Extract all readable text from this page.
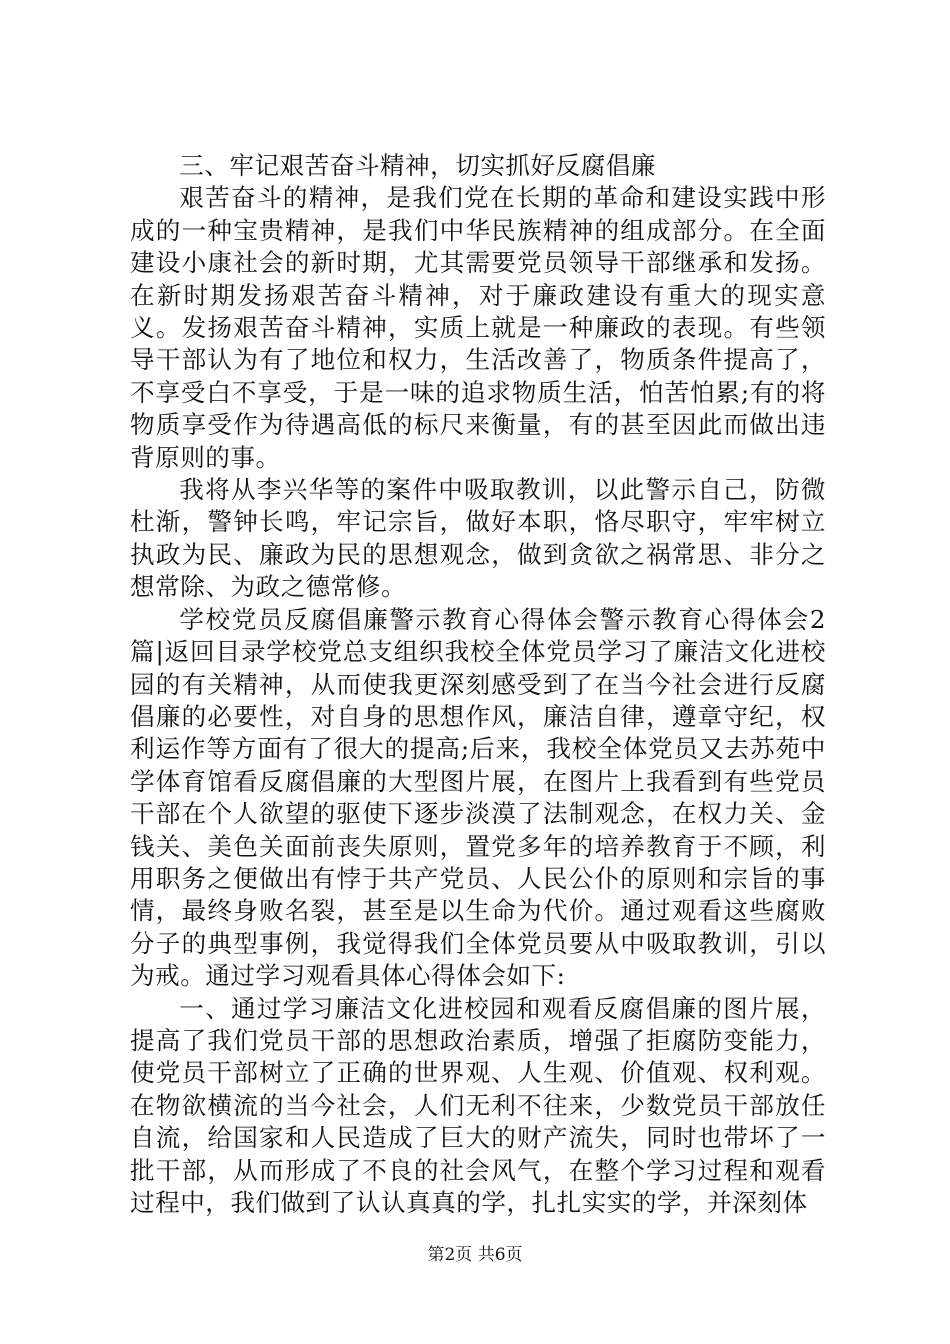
三、牢记艰苦奋斗精神，切实抓好反腐倡廉

艰苦奋斗的精神，是我们党在长期的革命和建设实践中形成的一种宝贵精神，是我们中华民族精神的组成部分。在全面建设小康社会的新时期，尤其需要党员领导干部继承和发扬。在新时期发扬艰苦奋斗精神，对于廉政建设有重大的现实意义。发扬艰苦奋斗精神，实质上就是一种廉政的表现。有些领导干部认为有了地位和权力，生活改善了，物质条件提高了，不享受白不享受，于是一味的追求物质生活，怕苦怕累;有的将物质享受作为待遇高低的标尺来衡量，有的甚至因此而做出违背原则的事。

我将从李兴华等的案件中吸取教训，以此警示自己，防微杜渐，警钟长鸣，牢记宗旨，做好本职，恪尽职守，牢牢树立执政为民、廉政为民的思想观念，做到贪欲之祸常思、非分之想常除、为政之德常修。

学校党员反腐倡廉警示教育心得体会警示教育心得体会2篇|返回目录学校党总支组织我校全体党员学习了廉洁文化进校园的有关精神，从而使我更深刻感受到了在当今社会进行反腐倡廉的必要性，对自身的思想作风，廉洁自律，遵章守纪，权利运作等方面有了很大的提高;后来，我校全体党员又去苏苑中学体育馆看反腐倡廉的大型图片展，在图片上我看到有些党员干部在个人欲望的驱使下逐步淡漠了法制观念，在权力关、金钱关、美色关面前丧失原则，置党多年的培养教育于不顾，利用职务之便做出有悖于共产党员、人民公仆的原则和宗旨的事情，最终身败名裂，甚至是以生命为代价。通过观看这些腐败分子的典型事例，我觉得我们全体党员要从中吸取教训，引以为戒。通过学习观看具体心得体会如下:

一、通过学习廉洁文化进校园和观看反腐倡廉的图片展，提高了我们党员干部的思想政治素质，增强了拒腐防变能力，使党员干部树立了正确的世界观、人生观、价值观、权利观。在物欲横流的当今社会，人们无利不往来，少数党员干部放任自流，给国家和人民造成了巨大的财产流失，同时也带坏了一批干部，从而形成了不良的社会风气，在整个学习过程和观看过程中，我们做到了认认真真的学，扎扎实实的学，并深刻体

第2页 共6页
